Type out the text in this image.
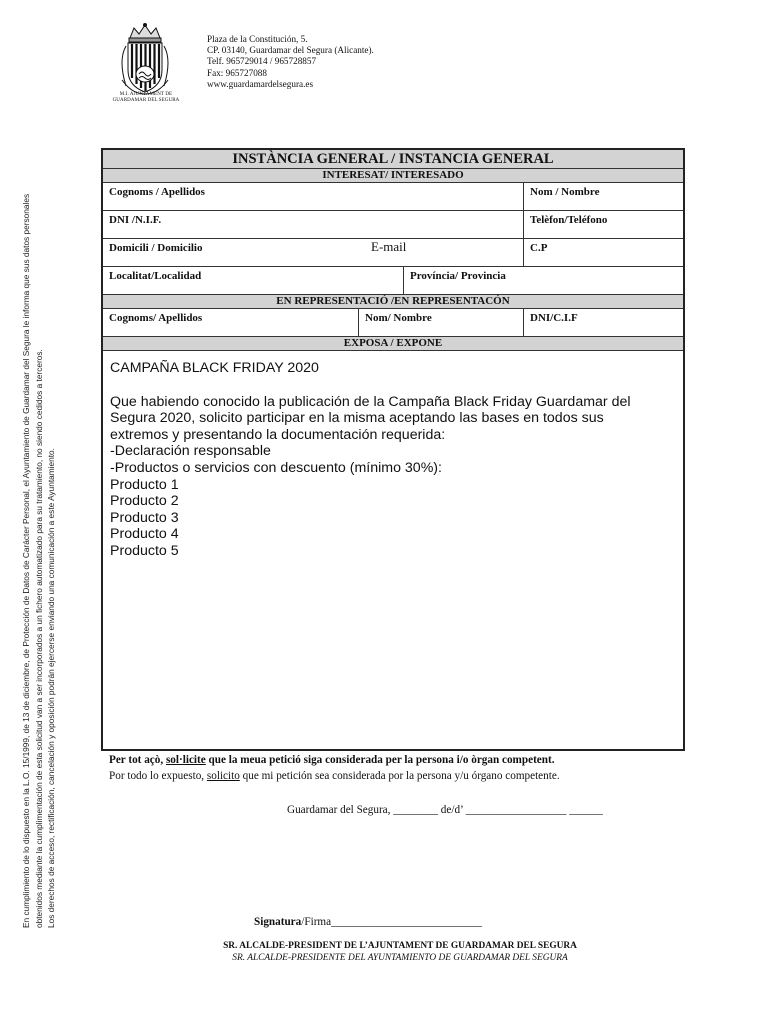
M.I. AJUNTAMENT DE
GUARDAMAR DEL SEGURA
Plaza de la Constitución, 5.
CP. 03140, Guardamar del Segura (Alicante).
Telf. 965729014 / 965728857
Fax: 965727088
www.guardamardelsegura.es
En cumplimiento de lo dispuesto en la L.O. 15/1999, de 13 de diciembre, de Protección de Datos de Carácter Personal, el Ayuntamiento de Guardamar del Segura le informa que sus datos personales obtenidos mediante la cumplimentación de esta solicitud van a ser incorporados a un fichero automatizado para su tratamiento, no siendo cedidos a terceros. Los derechos de acceso, rectificación, cancelación y oposición podrán ejercerse enviando una comunicación a este Ayuntamiento.
INSTÀNCIA GENERAL / INSTANCIA GENERAL
INTERESAT/ INTERESADO
Cognoms / Apellidos	Nom / Nombre
DNI /N.I.F.	Telèfon/Teléfono
Domicili / Domicilio	E-mail	C.P
Localitat/Localidad	Província/ Provincia
EN REPRESENTACIÓ /EN REPRESENTACÓN
Cognoms/ Apellidos	Nom/ Nombre	DNI/C.I.F
EXPOSA / EXPONE
CAMPAÑA BLACK FRIDAY 2020
Que habiendo conocido la publicación de la Campaña Black Friday Guardamar del
Segura 2020, solicito participar en la misma aceptando las bases en todos sus
extremos y presentando la documentación requerida:
-Declaración responsable
-Productos o servicios con descuento (mínimo 30%):
Producto 1
Producto 2
Producto 3
Producto 4
Producto 5
Per tot açò, sol·licite que la meua petició siga considerada per la persona i/o òrgan competent.
Por todo lo expuesto, solicito que mi petición sea considerada por la persona y/u órgano competente.
Guardamar del Segura, ________ de/d’ __________________ ______
Signatura/Firma___________________________
SR. ALCALDE-PRESIDENT DE L’AJUNTAMENT DE GUARDAMAR DEL SEGURA
SR. ALCALDE-PRESIDENTE DEL AYUNTAMIENTO DE GUARDAMAR DEL SEGURA
